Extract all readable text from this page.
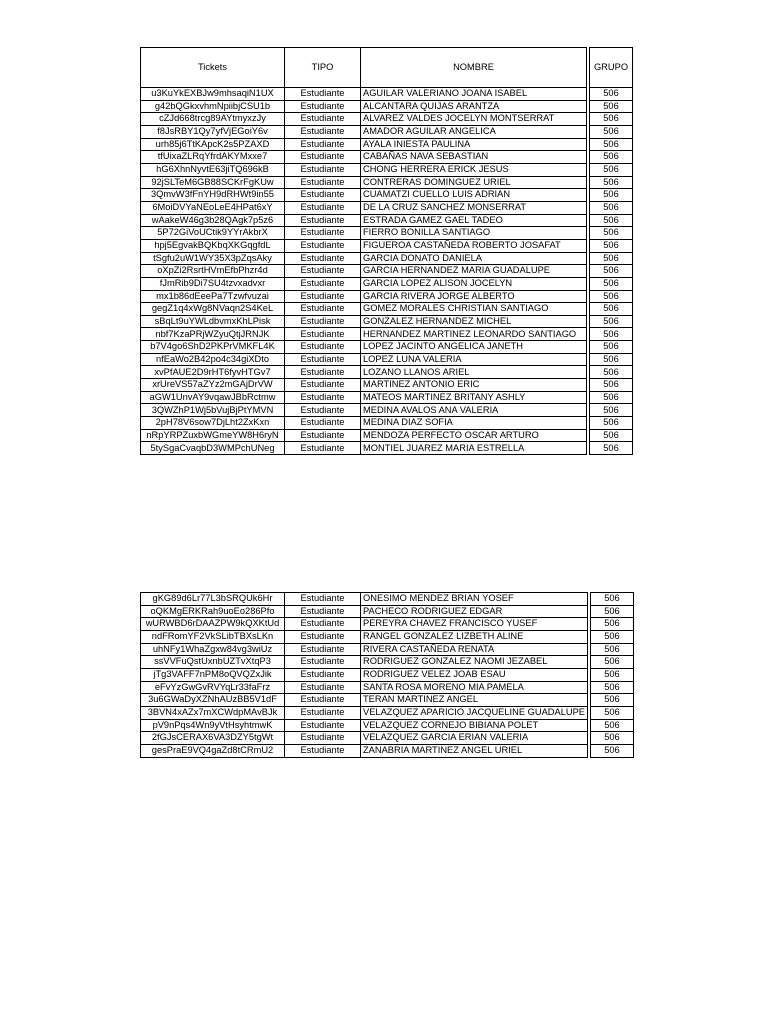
Tickets	TIPO	NOMBRE		GRUPO
u3KuYkEXBJw9mhsaqiN1UX	Estudiante	AGUILAR VALERIANO JOANA ISABEL		506
g42bQGkxvhmNpiibjCSU1b	Estudiante	ALCANTARA QUIJAS ARANTZA		506
cZJd668trcg89AYtmyxzJy	Estudiante	ALVAREZ VALDES JOCELYN MONTSERRAT		506
f8JsRBY1Qy7yfVjEGoiY6v	Estudiante	AMADOR AGUILAR ANGELICA		506
urh85j6TtKApcK2s5PZAXD	Estudiante	AYALA INIESTA PAULINA		506
tfUixaZLRqYfrdAKYMxxe7	Estudiante	CABAÑAS NAVA SEBASTIAN		506
hG6XhnNyvtE63jiTQ696kB	Estudiante	CHONG HERRERA ERICK JESUS		506
92jSLTeM6GB88SCKrFgKUw	Estudiante	CONTRERAS DOMINGUEZ URIEL		506
3QmvW3fFnYH9dRHWt9in55	Estudiante	CUAMATZI CUELLO LUIS ADRIAN		506
6MoiDVYaNEoLeE4HPat6xY	Estudiante	DE LA CRUZ SANCHEZ MONSERRAT		506
wAakeW46g3b28QAgk7p5z6	Estudiante	ESTRADA GAMEZ GAEL TADEO		506
5P72GiVoUCtik9YYrAkbrX	Estudiante	FIERRO BONILLA SANTIAGO		506
hpj5EgvakBQKbqXKGqgfdL	Estudiante	FIGUEROA CASTAÑEDA ROBERTO JOSAFAT		506
tSgfu2uW1WY35X3pZqsAky	Estudiante	GARCIA DONATO DANIELA		506
oXpZi2RsrtHVmEfbPhzr4d	Estudiante	GARCIA HERNANDEZ MARIA GUADALUPE		506
fJmRib9Di7SU4tzvxadvxr	Estudiante	GARCIA LOPEZ ALISON JOCELYN		506
mx1b86dEeePa7Tzwfvuzai	Estudiante	GARCIA RIVERA JORGE ALBERTO		506
gegZ1q4xWg8NVaqn2S4KeL	Estudiante	GOMEZ MORALES CHRISTIAN SANTIAGO		506
sBqLt9uYWLdbvmxKhLPisk	Estudiante	GONZALEZ HERNANDEZ MICHEL		506
nbf7KzaPRjWZyuQtjJRNJK	Estudiante	HERNANDEZ MARTINEZ LEONARDO SANTIAGO		506
b7V4go6ShD2PKPrVMKFL4K	Estudiante	LOPEZ JACINTO ANGELICA JANETH		506
nfEaWo2B42po4c34giXDto	Estudiante	LOPEZ LUNA VALERIA		506
xvPfAUE2D9rHT6fyvHTGv7	Estudiante	LOZANO LLANOS ARIEL		506
xrUreVS57aZYz2mGAjDrVW	Estudiante	MARTINEZ ANTONIO ERIC		506
aGW1UnvAY9vqawJBbRctmw	Estudiante	MATEOS MARTINEZ BRITANY ASHLY		506
3QWZhP1Wj5bVujBjPtYMVN	Estudiante	MEDINA AVALOS ANA VALERIA		506
2pH78V6sow7DjLht2ZxKxn	Estudiante	MEDINA DIAZ SOFIA		506
nRpYRPZuxbWGmeYW8H6ryN	Estudiante	MENDOZA PERFECTO OSCAR ARTURO		506
5tySgaCvaqbD3WMPchUNeg	Estudiante	MONTIEL JUAREZ MARIA ESTRELLA		506
gKG89d6Lr77L3bSRQUk6Hr	Estudiante	ONESIMO MENDEZ BRIAN YOSEF		506
oQKMgERKRah9uoEo286Pfo	Estudiante	PACHECO RODRIGUEZ EDGAR		506
wURWBD6rDAAZPW9kQXKtUd	Estudiante	PEREYRA CHAVEZ FRANCISCO YUSEF		506
ndFRomYF2VkSLibTBXsLKn	Estudiante	RANGEL GONZALEZ LIZBETH ALINE		506
uhNFy1WhaZgxw84vg3wiUz	Estudiante	RIVERA CASTAÑEDA RENATA		506
ssVVFuQstUxnbUZTvXtqP3	Estudiante	RODRIGUEZ GONZALEZ NAOMI JEZABEL		506
jTg3VAFF7nPM8oQVQZxJik	Estudiante	RODRIGUEZ VELEZ JOAB ESAU		506
eFvYzGwGvRVYqLr33faFrz	Estudiante	SANTA ROSA MORENO MIA PAMELA		506
3u6GWaDyXZNhAUzBB5V1dF	Estudiante	TERAN MARTINEZ ANGEL		506
3BVN4xAZx7mXCWdpMAvBJk	Estudiante	VELAZQUEZ APARICIO JACQUELINE GUADALUPE		506
pV9nPqs4Wn9yVtHsyhtmwK	Estudiante	VELAZQUEZ CORNEJO BIBIANA POLET		506
2fGJsCERAX6VA3DZY5tgWt	Estudiante	VELAZQUEZ GARCIA ERIAN VALERIA		506
gesPraE9VQ4gaZd8tCRmU2	Estudiante	ZANABRIA MARTINEZ ANGEL URIEL		506
